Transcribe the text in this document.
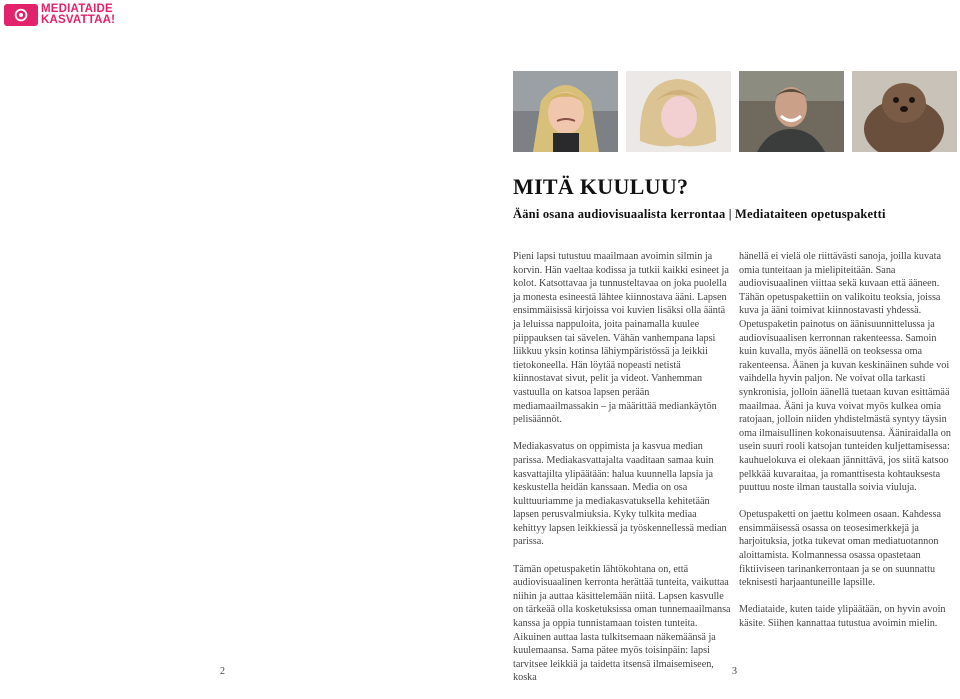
MEDIATAIDE
KASVATTAA!
MITÄ KUULUU?
Ääni osana audiovisuaalista kerrontaa | Mediataiteen opetuspaketti

Pieni lapsi tutustuu maailmaan avoimin silmin ja korvin. Hän vaeltaa kodissa ja tutkii kaikki esineet ja kolot. Katsottavaa ja tunnusteltavaa on joka puolella ja monesta esineestä lähtee kiinnostava ääni. Lapsen ensimmäisissä kirjoissa voi kuvien lisäksi olla ääntä ja leluissa nappuloita, joita painamalla kuulee piippauksen tai sävelen. Vähän vanhempana lapsi liikkuu yksin kotinsa lähiympäristössä ja leikkii tietokoneella. Hän löytää nopeasti netistä kiinnostavat sivut, pelit ja videot. Vanhemman vastuulla on katsoa lapsen perään mediamaailmassakin – ja määrittää mediankäytön pelisäännöt.

Mediakasvatus on oppimista ja kasvua median parissa. Mediakasvattajalta vaaditaan samaa kuin kasvattajilta ylipäätään: halua kuunnella lapsia ja keskustella heidän kanssaan. Media on osa kulttuuriamme ja mediakasvatuksella kehitetään lapsen perusvalmiuksia. Kyky tulkita mediaa kehittyy lapsen leikkiessä ja työskennellessä median parissa.

Tämän opetuspaketin lähtökohtana on, että audiovisuaalinen kerronta herättää tunteita, vaikuttaa niihin ja auttaa käsittelemään niitä. Lapsen kasvulle on tärkeää olla kosketuksissa oman tunnemaailmansa kanssa ja oppia tunnistamaan toisten tunteita. Aikuinen auttaa lasta tulkitsemaan näkemäänsä ja kuulemaansa. Sama pätee myös toisinpäin: lapsi tarvitsee leikkiä ja taidetta itsensä ilmaisemiseen, koska

hänellä ei vielä ole riittävästi sanoja, joilla kuvata omia tunteitaan ja mielipiteitään. Sana audiovisuaalinen viittaa sekä kuvaan että ääneen. Tähän opetuspakettiin on valikoitu teoksia, joissa kuva ja ääni toimivat kiinnostavasti yhdessä. Opetuspaketin painotus on äänisuunnittelussa ja audiovisuaalisen kerronnan rakenteessa. Samoin kuin kuvalla, myös äänellä on teoksessa oma rakenteensa. Äänen ja kuvan keskinäinen suhde voi vaihdella hyvin paljon. Ne voivat olla tarkasti synkronisia, jolloin äänellä tuetaan kuvan esittämää maailmaa. Ääni ja kuva voivat myös kulkea omia ratojaan, jolloin niiden yhdistelmästä syntyy täysin oma ilmaisullinen kokonaisuutensa. Ääniraidalla on usein suuri rooli katsojan tunteiden kuljettamisessa: kauhuelokuva ei olekaan jännittävä, jos siitä katsoo pelkkää kuvaraitaa, ja romanttisesta kohtauksesta puuttuu noste ilman taustalla soivia viuluja.

Opetuspaketti on jaettu kolmeen osaan. Kahdessa ensimmäisessä osassa on teosesimerkkejä ja harjoituksia, jotka tukevat oman mediatuotannon aloittamista. Kolmannessa osassa opastetaan fiktiiviseen tarinankerrontaan ja se on suunnattu teknisesti harjaantuneille lapsille.

Mediataide, kuten taide ylipäätään, on hyvin avoin käsite. Siihen kannattaa tutustua avoimin mielin.

2	3
